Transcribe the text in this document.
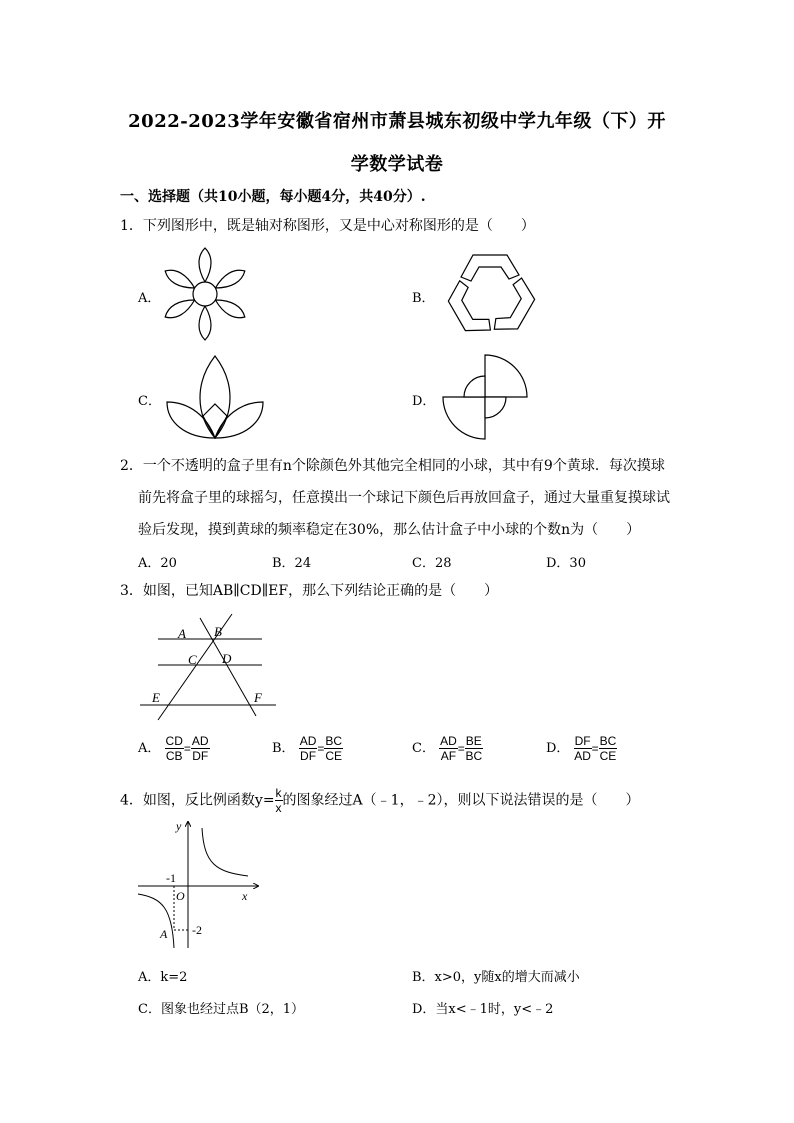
2022-2023学年安徽省宿州市萧县城东初级中学九年级（下）开
学数学试卷
一、选择题（共10小题，每小题4分，共40分）.
1．下列图形中，既是轴对称图形，又是中心对称图形的是（　　）
A．	B．
C．	D．
2．一个不透明的盒子里有n个除颜色外其他完全相同的小球，其中有9个黄球．每次摸球
前先将盒子里的球摇匀，任意摸出一个球记下颜色后再放回盒子，通过大量重复摸球试
验后发现，摸到黄球的频率稳定在30%，那么估计盒子中小球的个数n为（　　）
A．20	B．24	C．28	D．30
3．如图，已知AB∥CD∥EF，那么下列结论正确的是（　　）
A B
C D
E	F
A． $\frac{CD}{CB} = \frac{AD}{DF}$	B． $\frac{AD}{DF} = \frac{BC}{CE}$	C． $\frac{AD}{AF} = \frac{BE}{BC}$	D． $\frac{DF}{AD} = \frac{BC}{CE}$
4．如图，反比例函数$y= \frac{k}{x}$ 的图象经过A（﹣1，﹣2），则以下说法错误的是（　　）
y
x
O
-1
A -2
A．k=2	B．x>0，y随x的增大而减小
C．图象也经过点B（2，1）	D．当x<﹣1时，y<﹣2
